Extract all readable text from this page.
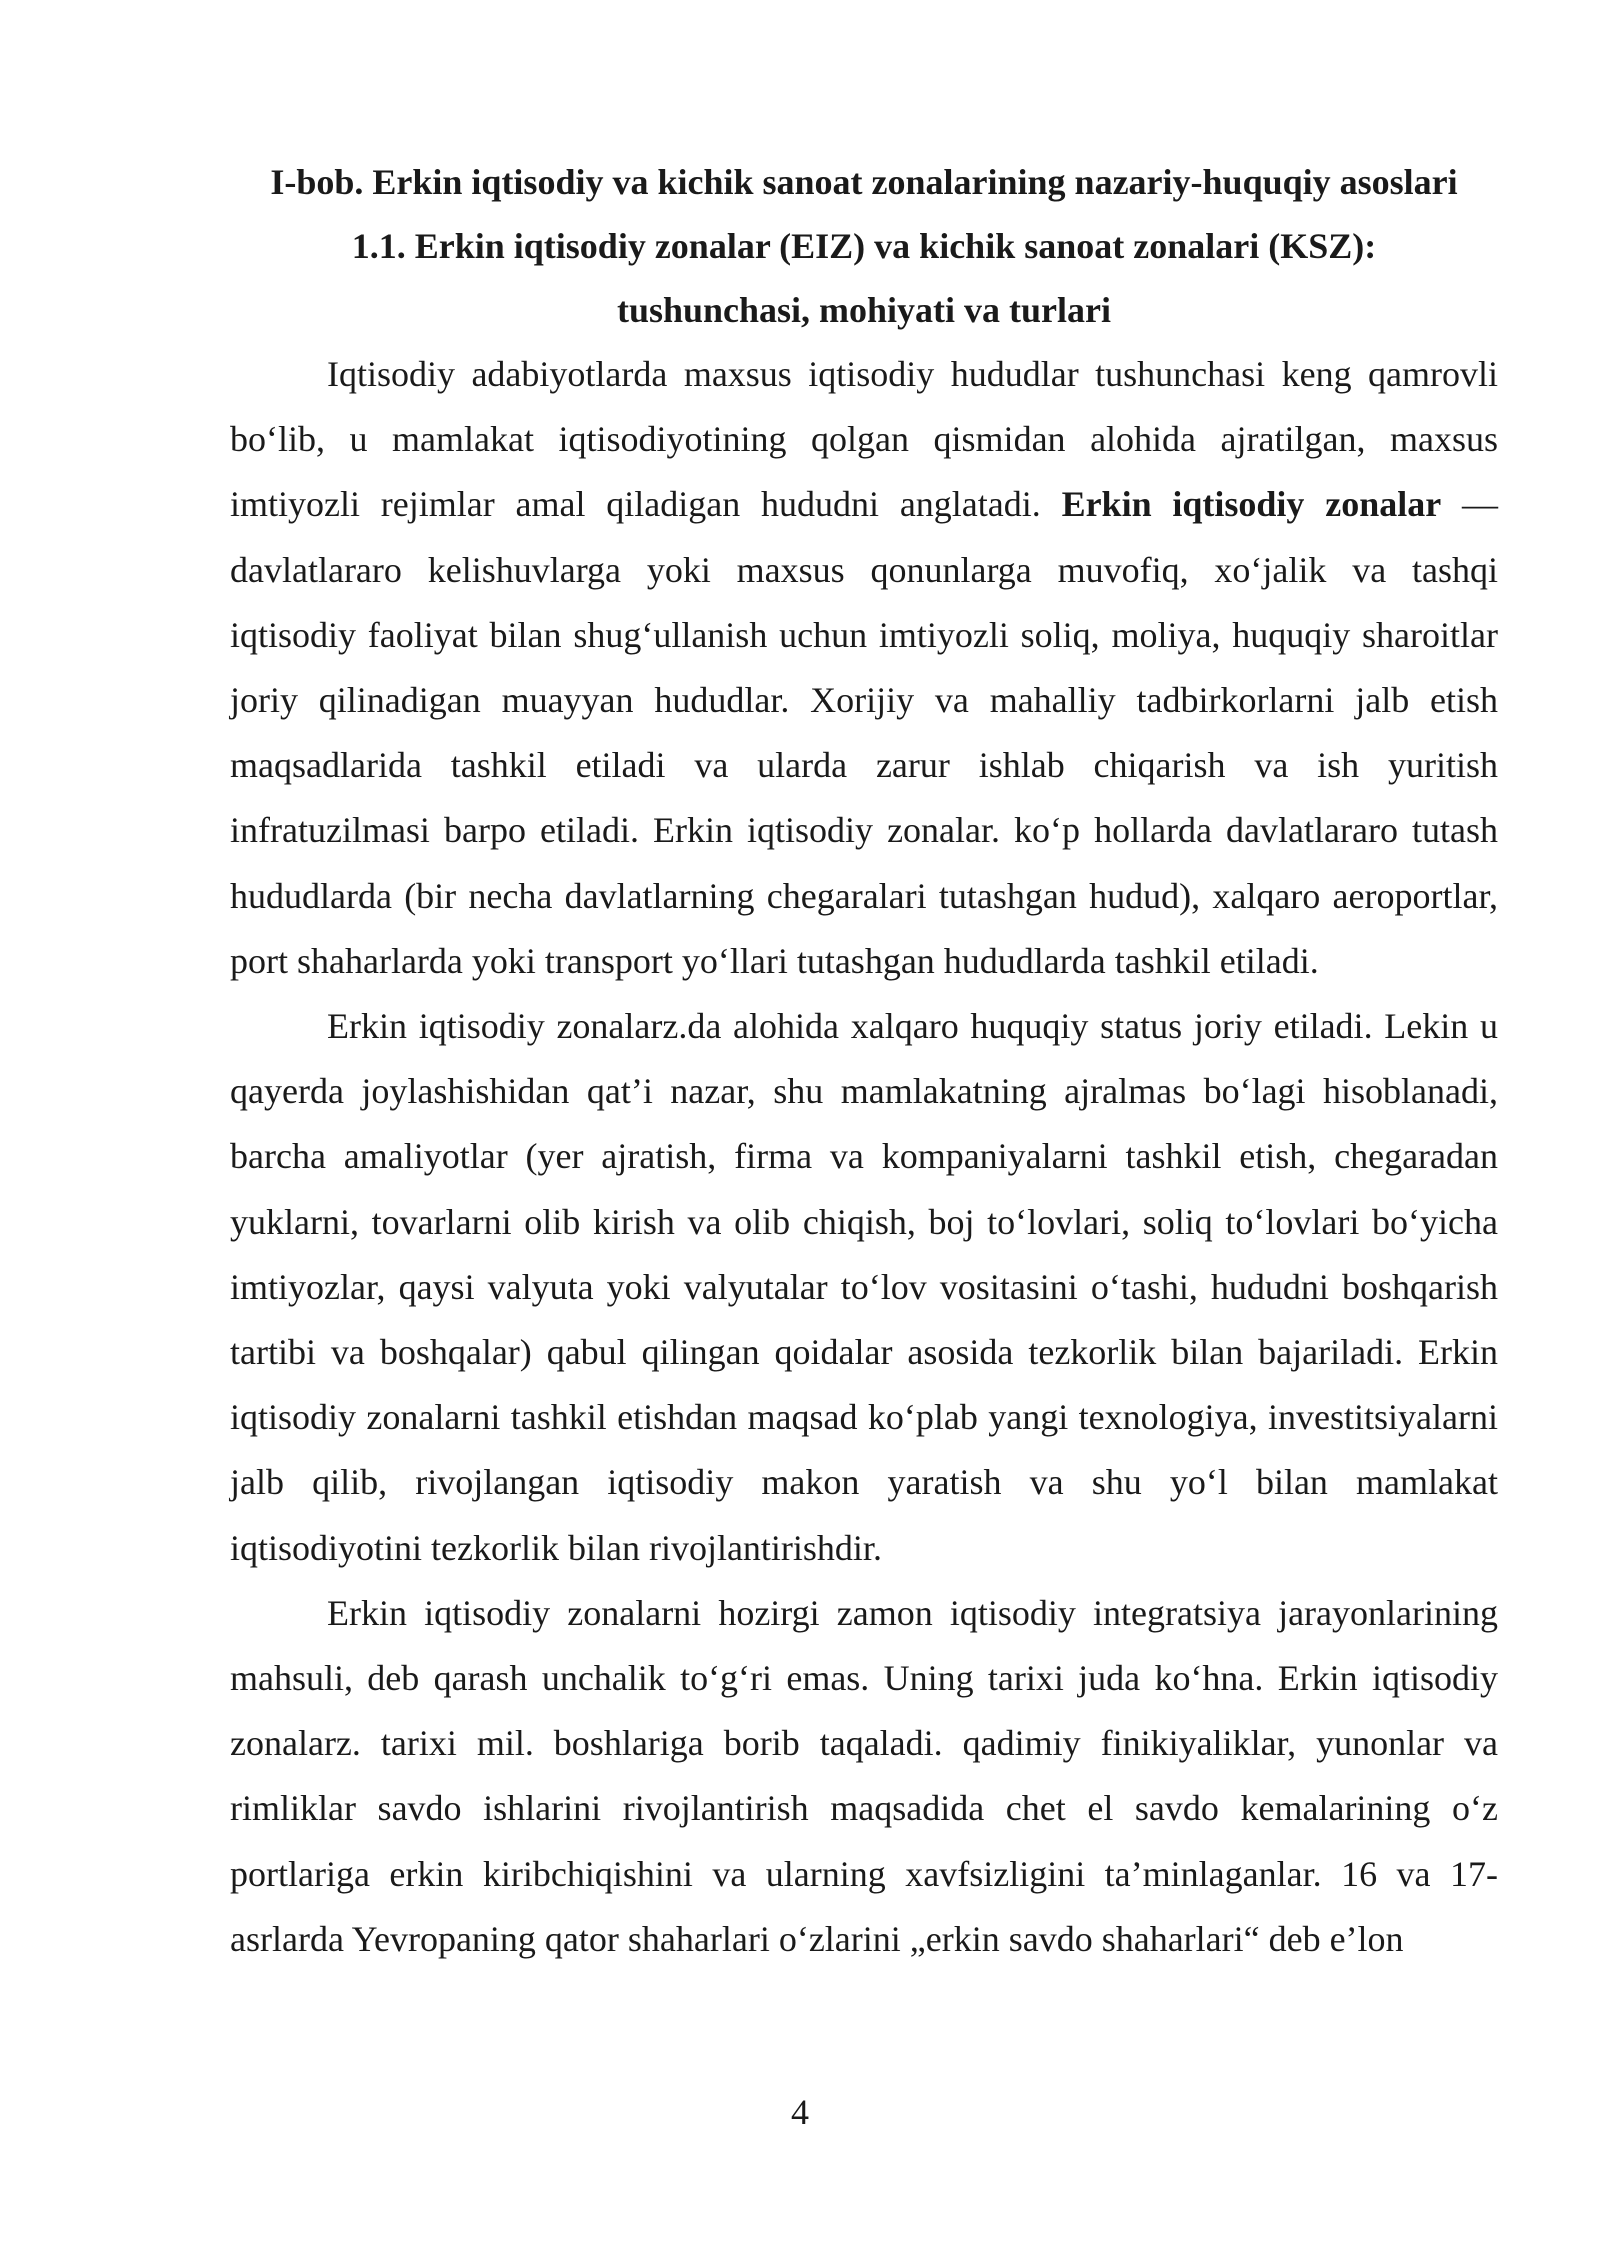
I-bob. Erkin iqtisodiy va kichik sanoat zonalarining nazariy-huquqiy asoslari

1.1. Erkin iqtisodiy zonalar (EIZ) va kichik sanoat zonalari (KSZ):

tushunchasi, mohiyati va turlari

Iqtisodiy adabiyotlarda maxsus iqtisodiy hududlar tushunchasi keng qamrovli bo‘lib, u mamlakat iqtisodiyotining qolgan qismidan alohida ajratilgan, maxsus imtiyozli rejimlar amal qiladigan hududni anglatadi. Erkin iqtisodiy zonalar — davlatlararo kelishuvlarga yoki maxsus qonunlarga muvofiq, xo‘jalik va tashqi iqtisodiy faoliyat bilan shug‘ullanish uchun imtiyozli soliq, moliya, huquqiy sharoitlar joriy qilinadigan muayyan hududlar. Xorijiy va mahalliy tadbirkorlarni jalb etish maqsadlarida tashkil etiladi va ularda zarur ishlab chiqarish va ish yuritish infratuzilmasi barpo etiladi. Erkin iqtisodiy zonalar. ko‘p hollarda davlatlararo tutash hududlarda (bir necha davlatlarning chegaralari tutashgan hudud), xalqaro aeroportlar, port shaharlarda yoki transport yo‘llari tutashgan hududlarda tashkil etiladi.

Erkin iqtisodiy zonalarz.da alohida xalqaro huquqiy status joriy etiladi. Lekin u qayerda joylashishidan qat’i nazar, shu mamlakatning ajralmas bo‘lagi hisoblanadi, barcha amaliyotlar (yer ajratish, firma va kompaniyalarni tashkil etish, chegaradan yuklarni, tovarlarni olib kirish va olib chiqish, boj to‘lovlari, soliq to‘lovlari bo‘yicha imtiyozlar, qaysi valyuta yoki valyutalar to‘lov vositasini o‘tashi, hududni boshqarish tartibi va boshqalar) qabul qilingan qoidalar asosida tezkorlik bilan bajariladi. Erkin iqtisodiy zonalarni tashkil etishdan maqsad ko‘plab yangi texnologiya, investitsiyalarni jalb qilib, rivojlangan iqtisodiy makon yaratish va shu yo‘l bilan mamlakat iqtisodiyotini tezkorlik bilan rivojlantirishdir.

Erkin iqtisodiy zonalarni hozirgi zamon iqtisodiy integratsiya jarayonlarining mahsuli, deb qarash unchalik to‘g‘ri emas. Uning tarixi juda ko‘hna. Erkin iqtisodiy zonalarz. tarixi mil. boshlariga borib taqaladi. qadimiy finikiyaliklar, yunonlar va rimliklar savdo ishlarini rivojlantirish maqsadida chet el savdo kemalarining o‘z portlariga erkin kiribchiqishini va ularning xavfsizligini ta’minlaganlar. 16 va 17-asrlarda Yevropaning qator shaharlari o‘zlarini „erkin savdo shaharlari“ deb e’lon

4
